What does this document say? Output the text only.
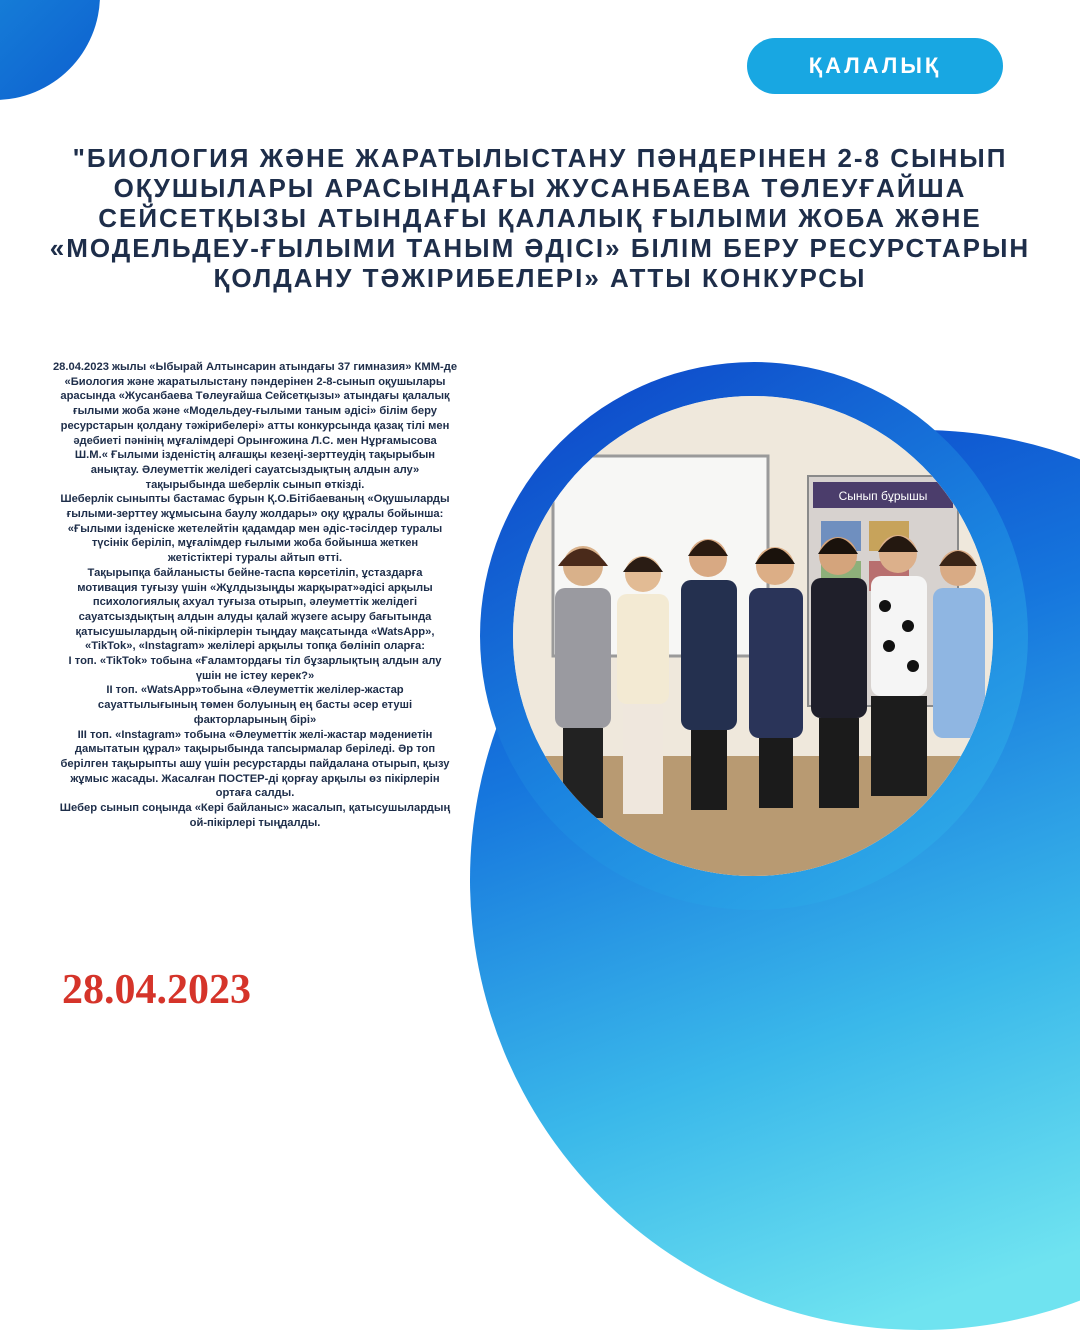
ҚАЛАЛЫҚ
"БИОЛОГИЯ ЖӘНЕ ЖАРАТЫЛЫСТАНУ ПӘНДЕРІНЕН 2-8 СЫНЫП
ОҚУШЫЛАРЫ АРАСЫНДАҒЫ ЖУСАНБАЕВА ТӨЛЕУҒАЙША
СЕЙСЕТҚЫЗЫ АТЫНДАҒЫ ҚАЛАЛЫҚ ҒЫЛЫМИ ЖОБА ЖӘНЕ
«МОДЕЛЬДЕУ-ҒЫЛЫМИ ТАНЫМ ӘДІСІ» БІЛІМ БЕРУ РЕСУРСТАРЫН
ҚОЛДАНУ ТӘЖІРИБЕЛЕРІ» АТТЫ КОНКУРСЫ

28.04.2023 жылы «Ыбырай Алтынсарин атындағы 37 гимназия» КММ-де
«Биология және жаратылыстану пәндерінен 2-8-сынып оқушылары
арасында «Жусанбаева Төлеуғайша Сейсетқызы» атындағы қалалық
ғылыми жоба және «Модельдеу-ғылыми таным әдісі» білім беру
ресурстарын қолдану тәжірибелері» атты конкурсында қазақ тілі мен
әдебиеті пәнінің мұғалімдері Орынғожина Л.С. мен Нұрғамысова
Ш.М.« Ғылыми ізденістің алғашқы кезеңі-зерттеудің тақырыбын
анықтау. Әлеуметтік желідегі сауатсыздықтың алдын алу»
тақырыбында шеберлік сынып өткізді.
Шеберлік сыныпты бастамас бұрын Қ.О.Бітібаеваның «Оқушыларды
ғылыми-зерттеу жұмысына баулу жолдары» оқу құралы бойынша:
«Ғылыми ізденіске жетелейтін қадамдар мен әдіс-тәсілдер туралы
түсінік беріліп, мұғалімдер ғылыми жоба бойынша жеткен
жетістіктері туралы айтып өтті.
Тақырыпқа байланысты бейне-таспа көрсетіліп, ұстаздарға
мотивация туғызу үшін «Жұлдызыңды жарқырат»әдісі арқылы
психологиялық ахуал туғыза отырып, әлеуметтік желідегі
сауатсыздықтың алдын алуды қалай жүзеге асыру бағытында
қатысушылардың ой-пікірлерін тыңдау мақсатында «WatsApp»,
«TikTok», «Instagram» желілері арқылы топқа бөлініп оларға:
I топ. «TikTok» тобына «Ғаламтордағы тіл бұзарлықтың алдын алу
үшін не істеу керек?»
II топ. «WatsApp»тобына «Әлеуметтік желілер-жастар
сауаттылығының төмен болуының ең басты әсер етуші
факторларының бірі»
III топ. «Instagram» тобына «Әлеуметтік желі-жастар мәдениетін
дамытатын құрал» тақырыбында тапсырмалар беріледі. Әр топ
берілген тақырыпты ашу үшін ресурстарды пайдалана отырып, қызу
жұмыс жасады. Жасалған ПОСТЕР-ді қорғау арқылы өз пікірлерін
ортаға салды.
Шебер сынып соңында «Кері байланыс» жасалып, қатысушылардың
ой-пікірлері тыңдалды.

Сынып бұрышы

28.04.2023
